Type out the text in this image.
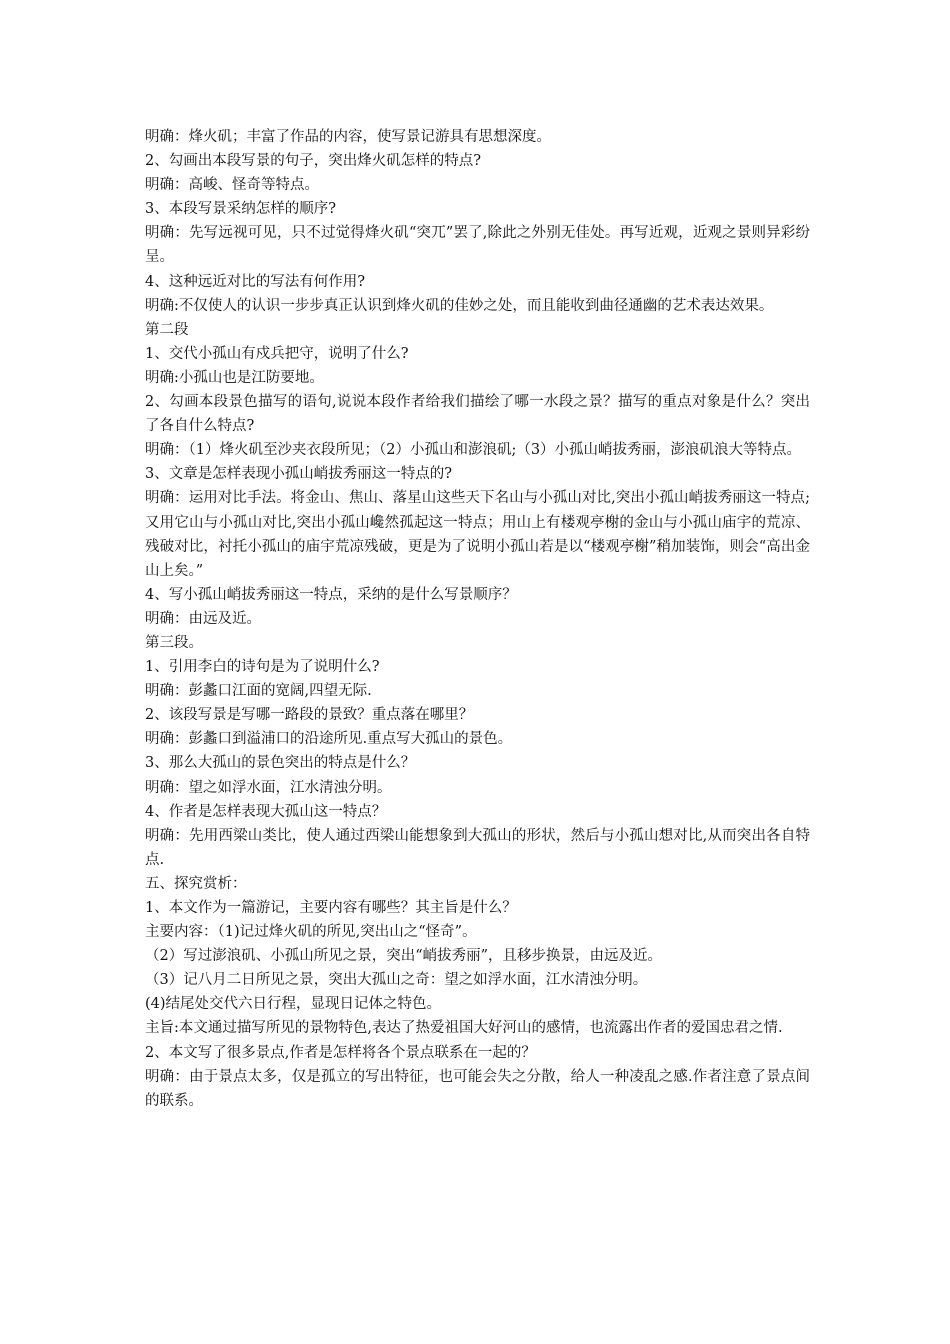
明确：烽火矶；丰富了作品的内容，使写景记游具有思想深度。

2、勾画出本段写景的句子，突出烽火矶怎样的特点?

明确：高峻、怪奇等特点。

3、本段写景采纳怎样的顺序?

明确：先写远视可见，只不过觉得烽火矶“突兀”罢了,除此之外别无佳处。再写近观，近观之景则异彩纷呈。

4、这种远近对比的写法有何作用?

明确:不仅使人的认识一步步真正认识到烽火矶的佳妙之处，而且能收到曲径通幽的艺术表达效果。

第二段

1、交代小孤山有戍兵把守，说明了什么?

明确:小孤山也是江防要地。

2、勾画本段景色描写的语句,说说本段作者给我们描绘了哪一水段之景？描写的重点对象是什么？突出了各自什么特点?

明确：（1）烽火矶至沙夹衣段所见；（2）小孤山和澎浪矶;（3）小孤山峭拔秀丽，澎浪矶浪大等特点。

3、文章是怎样表现小孤山峭拔秀丽这一特点的?

明确：运用对比手法。将金山、焦山、落星山这些天下名山与小孤山对比,突出小孤山峭拔秀丽这一特点;又用它山与小孤山对比,突出小孤山巉然孤起这一特点；用山上有楼观亭榭的金山与小孤山庙宇的荒凉、残破对比，衬托小孤山的庙宇荒凉残破，更是为了说明小孤山若是以“楼观亭榭”稍加装饰，则会“高出金山上矣。”

4、写小孤山峭拔秀丽这一特点，采纳的是什么写景顺序？

明确：由远及近。

第三段。

1、引用李白的诗句是为了说明什么?

明确：彭蠡口江面的宽阔,四望无际.

2、该段写景是写哪一路段的景致？重点落在哪里？

明确：彭蠡口到溢浦口的沿途所见.重点写大孤山的景色。

3、那么大孤山的景色突出的特点是什么？

明确：望之如浮水面，江水清浊分明。

4、作者是怎样表现大孤山这一特点？

明确：先用西梁山类比，使人通过西梁山能想象到大孤山的形状，然后与小孤山想对比,从而突出各自特点.

五、探究赏析：

1、本文作为一篇游记，主要内容有哪些？其主旨是什么？

主要内容：（1)记过烽火矶的所见,突出山之“怪奇”。

（2）写过澎浪矶、小孤山所见之景，突出“峭拔秀丽”，且移步换景，由远及近。

（3）记八月二日所见之景，突出大孤山之奇：望之如浮水面，江水清浊分明。

(4)结尾处交代六日行程，显现日记体之特色。

主旨:本文通过描写所见的景物特色,表达了热爱祖国大好河山的感情，也流露出作者的爱国忠君之情.

2、本文写了很多景点,作者是怎样将各个景点联系在一起的？

明确：由于景点太多，仅是孤立的写出特征，也可能会失之分散，给人一种凌乱之感.作者注意了景点间的联系。
